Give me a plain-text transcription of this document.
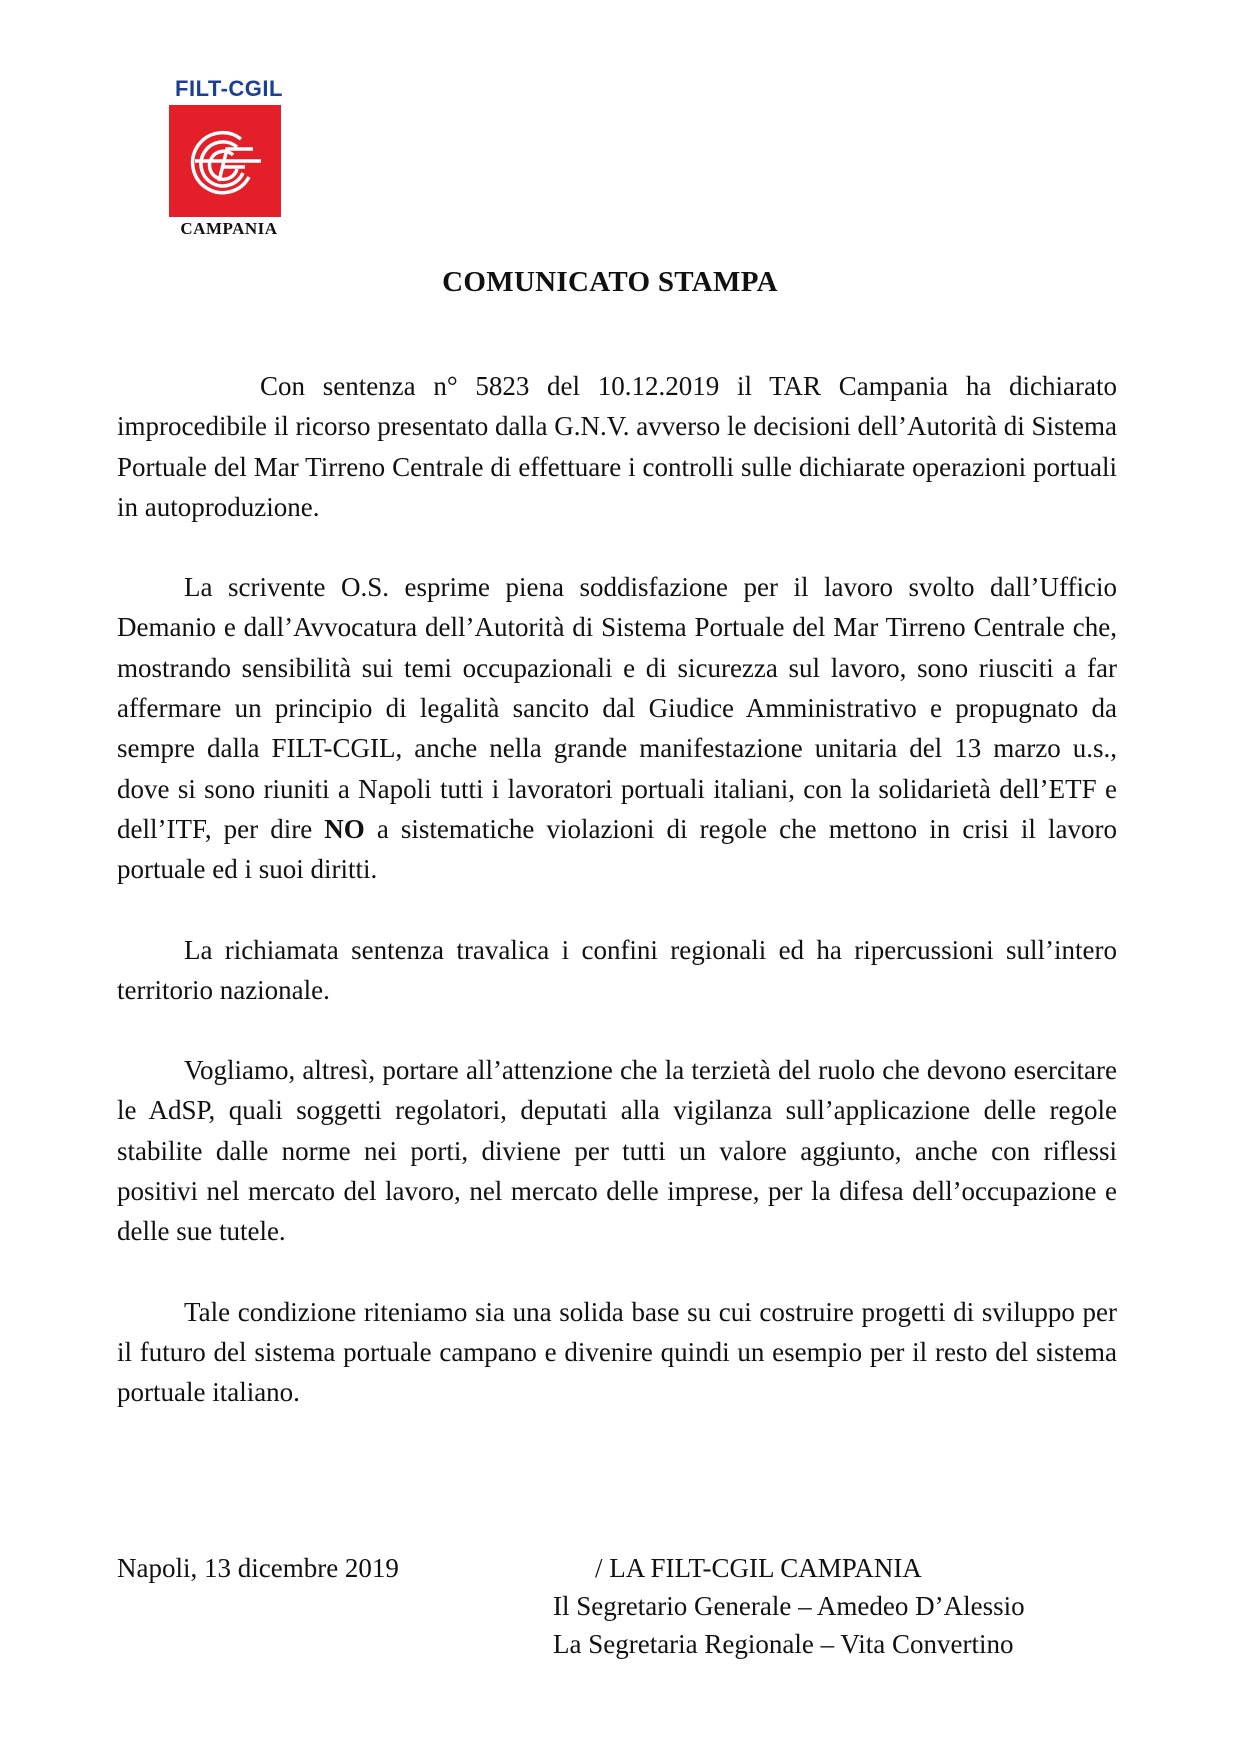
FILT-CGIL
CAMPANIA
COMUNICATO STAMPA

Con sentenza n° 5823 del 10.12.2019 il TAR Campania ha dichiarato improcedibile il ricorso presentato dalla G.N.V. avverso le decisioni dell’Autorità di Sistema Portuale del Mar Tirreno Centrale di effettuare i controlli sulle dichiarate operazioni portuali in autoproduzione.

La scrivente O.S. esprime piena soddisfazione per il lavoro svolto dall’Ufficio Demanio e dall’Avvocatura dell’Autorità di Sistema Portuale del Mar Tirreno Centrale che, mostrando sensibilità sui temi occupazionali e di sicurezza sul lavoro, sono riusciti a far affermare un principio di legalità sancito dal Giudice Amministrativo e propugnato da sempre dalla FILT-CGIL, anche nella grande manifestazione unitaria del 13 marzo u.s., dove si sono riuniti a Napoli tutti i lavoratori portuali italiani, con la solidarietà dell’ETF e dell’ITF, per dire NO a sistematiche violazioni di regole che mettono in crisi il lavoro portuale ed i suoi diritti.

La richiamata sentenza travalica i confini regionali ed ha ripercussioni sull’intero territorio nazionale.

Vogliamo, altresì, portare all’attenzione che la terzietà del ruolo che devono esercitare le AdSP, quali soggetti regolatori, deputati alla vigilanza sull’applicazione delle regole stabilite dalle norme nei porti, diviene per tutti un valore aggiunto, anche con riflessi positivi nel mercato del lavoro, nel mercato delle imprese, per la difesa dell’occupazione e delle sue tutele.

Tale condizione riteniamo sia una solida base su cui costruire progetti di sviluppo per il futuro del sistema portuale campano e divenire quindi un esempio per il resto del sistema portuale italiano.

Napoli, 13 dicembre 2019	/ LA FILT-CGIL CAMPANIA
Il Segretario Generale – Amedeo D’Alessio
La Segretaria Regionale – Vita Convertino
